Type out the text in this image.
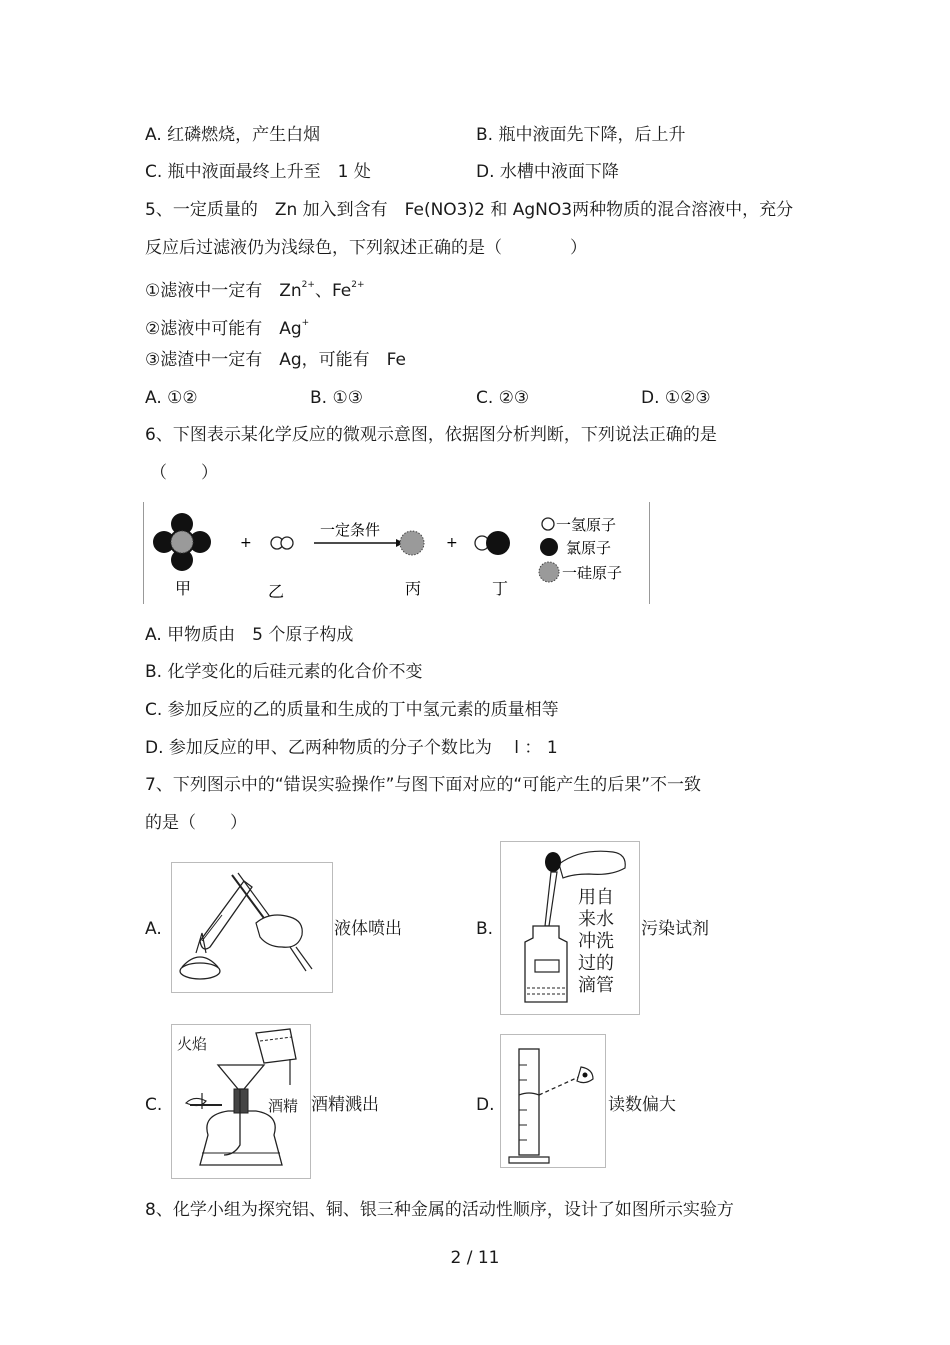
A. 红磷燃烧，产生白烟	B. 瓶中液面先下降，后上升
C. 瓶中液面最终上升至　1 处	D. 水槽中液面下降
5、一定质量的　Zn 加入到含有　Fe(NO3)2 和 AgNO3两种物质的混合溶液中，充分
反应后过滤液仍为浅绿色，下列叙述正确的是（　　　　）
①滤液中一定有　$Zn^{2+}$、$Fe^{2+}$
②滤液中可能有　Ag+
③滤渣中一定有　Ag，可能有　Fe
A. ①②	B. ①③	C. ②③	D. ①②③
6、下图表示某化学反应的微观示意图，依据图分析判断，下列说法正确的是
（　　）
+
一定条件
+
甲	乙	丙	丁
一氢原子
氯原子
一硅原子
A. 甲物质由　5 个原子构成
B. 化学变化的后硅元素的化合价不变
C. 参加反应的乙的质量和生成的丁中氢元素的质量相等
D. 参加反应的甲、乙两种物质的分子个数比为　 l ： 1
7、下列图示中的“错误实验操作”与图下面对应的“可能产生的后果”不一致
的是（　　）
A.	液体喷出	B.
用自
来水
冲洗
过的
滴管
污染试剂
C.
火焰
酒精 酒精溅出	D.	读数偏大
8、化学小组为探究铝、铜、银三种金属的活动性顺序，设计了如图所示实验方
2 / 11
